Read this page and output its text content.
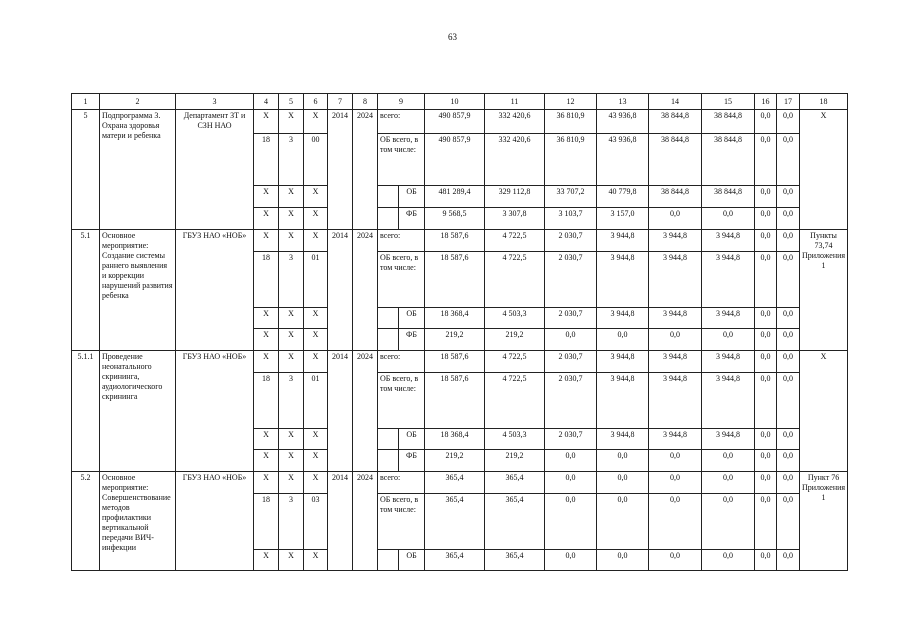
63
1	2	3	4	5	6	7	8	9		10	11	12	13	14	15	16	17	18
5	Подпрограмма 3. Охрана здоровья матери и ребенка	Департамент ЗТ и СЗН НАО	Х	Х	Х	2014	2024	всего:		490 857,9	332 420,6	36 810,9	43 936,8	38 844,8	38 844,8	0,0	0,0	Х
			18	3	00			ОБ всего, в том числе:		490 857,9	332 420,6	36 810,9	43 936,8	38 844,8	38 844,8	0,0	0,0	
			Х	Х	Х				ОБ	481 289,4	329 112,8	33 707,2	40 779,8	38 844,8	38 844,8	0,0	0,0	
			Х	Х	Х				ФБ	9 568,5	3 307,8	3 103,7	3 157,0	0,0	0,0	0,0	0,0	
5.1	Основное мероприятие: Создание системы раннего выявления и коррекции нарушений развития ребенка	ГБУЗ НАО «НОБ»	Х	Х	Х	2014	2024	всего:		18 587,6	4 722,5	2 030,7	3 944,8	3 944,8	3 944,8	0,0	0,0	Пункты 73,74 Приложения 1
			18	3	01			ОБ всего, в том числе:		18 587,6	4 722,5	2 030,7	3 944,8	3 944,8	3 944,8	0,0	0,0	
			Х	Х	Х				ОБ	18 368,4	4 503,3	2 030,7	3 944,8	3 944,8	3 944,8	0,0	0,0	
			Х	Х	Х				ФБ	219,2	219,2	0,0	0,0	0,0	0,0	0,0	0,0	
5.1.1	Проведение неонатального скрининга, аудиологического скрининга	ГБУЗ НАО «НОБ»	Х	Х	Х	2014	2024	всего:		18 587,6	4 722,5	2 030,7	3 944,8	3 944,8	3 944,8	0,0	0,0	Х
			18	3	01			ОБ всего, в том числе:		18 587,6	4 722,5	2 030,7	3 944,8	3 944,8	3 944,8	0,0	0,0	
			Х	Х	Х				ОБ	18 368,4	4 503,3	2 030,7	3 944,8	3 944,8	3 944,8	0,0	0,0	
			Х	Х	Х				ФБ	219,2	219,2	0,0	0,0	0,0	0,0	0,0	0,0	
5.2	Основное мероприятие: Совершенствование методов профилактики вертикальной передачи ВИЧ-инфекции	ГБУЗ НАО «НОБ»	Х	Х	Х	2014	2024	всего:		365,4	365,4	0,0	0,0	0,0	0,0	0,0	0,0	Пункт 76 Приложения 1
			18	3	03			ОБ всего, в том числе:		365,4	365,4	0,0	0,0	0,0	0,0	0,0	0,0	
			Х	Х	Х				ОБ	365,4	365,4	0,0	0,0	0,0	0,0	0,0	0,0	
